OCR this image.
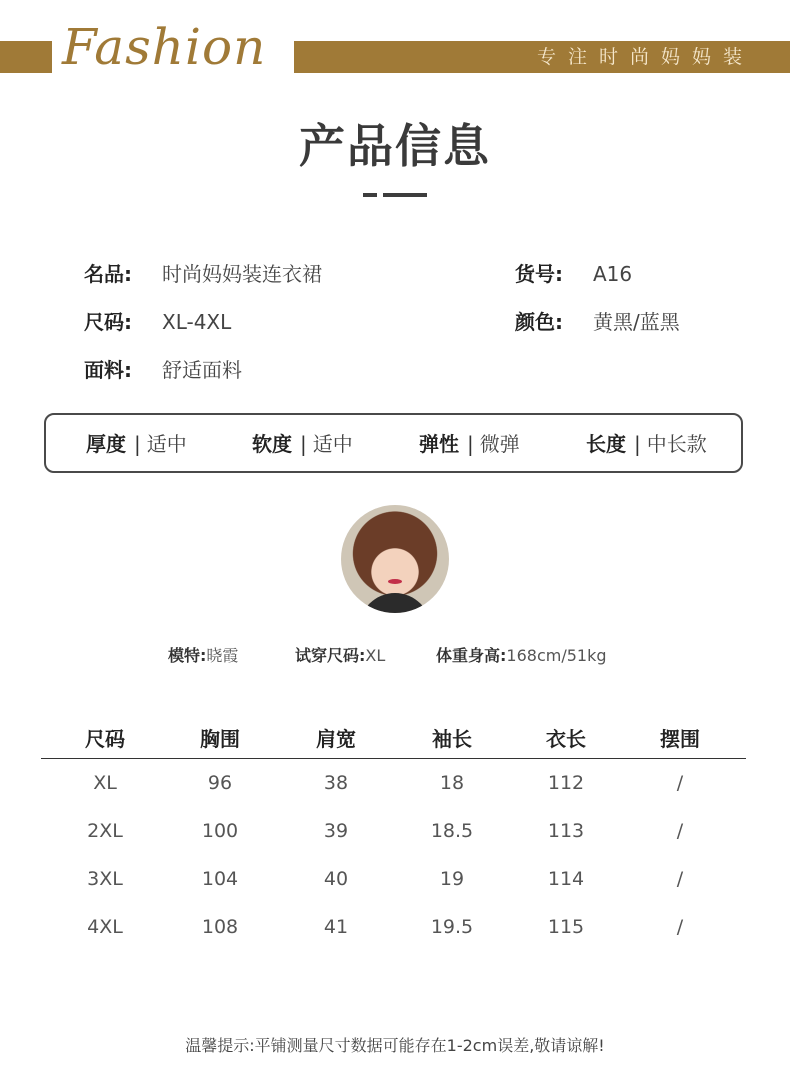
Fashion	专注时尚妈妈装
产品信息
名品: 时尚妈妈装连衣裙	货号: A16
尺码: XL-4XL	颜色: 黄黑/蓝黑
面料: 舒适面料
厚度 | 适中	软度 | 适中	弹性 | 微弹	长度 | 中长款
模特:晓霞	试穿尺码:XL	体重身高:168cm/51kg
尺码	胸围	肩宽	袖长	衣长	摆围
XL	96	38	18	112	/
2XL	100	39	18.5	113	/
3XL	104	40	19	114	/
4XL	108	41	19.5	115	/
温馨提示:平铺测量尺寸数据可能存在1-2cm误差,敬请谅解!
